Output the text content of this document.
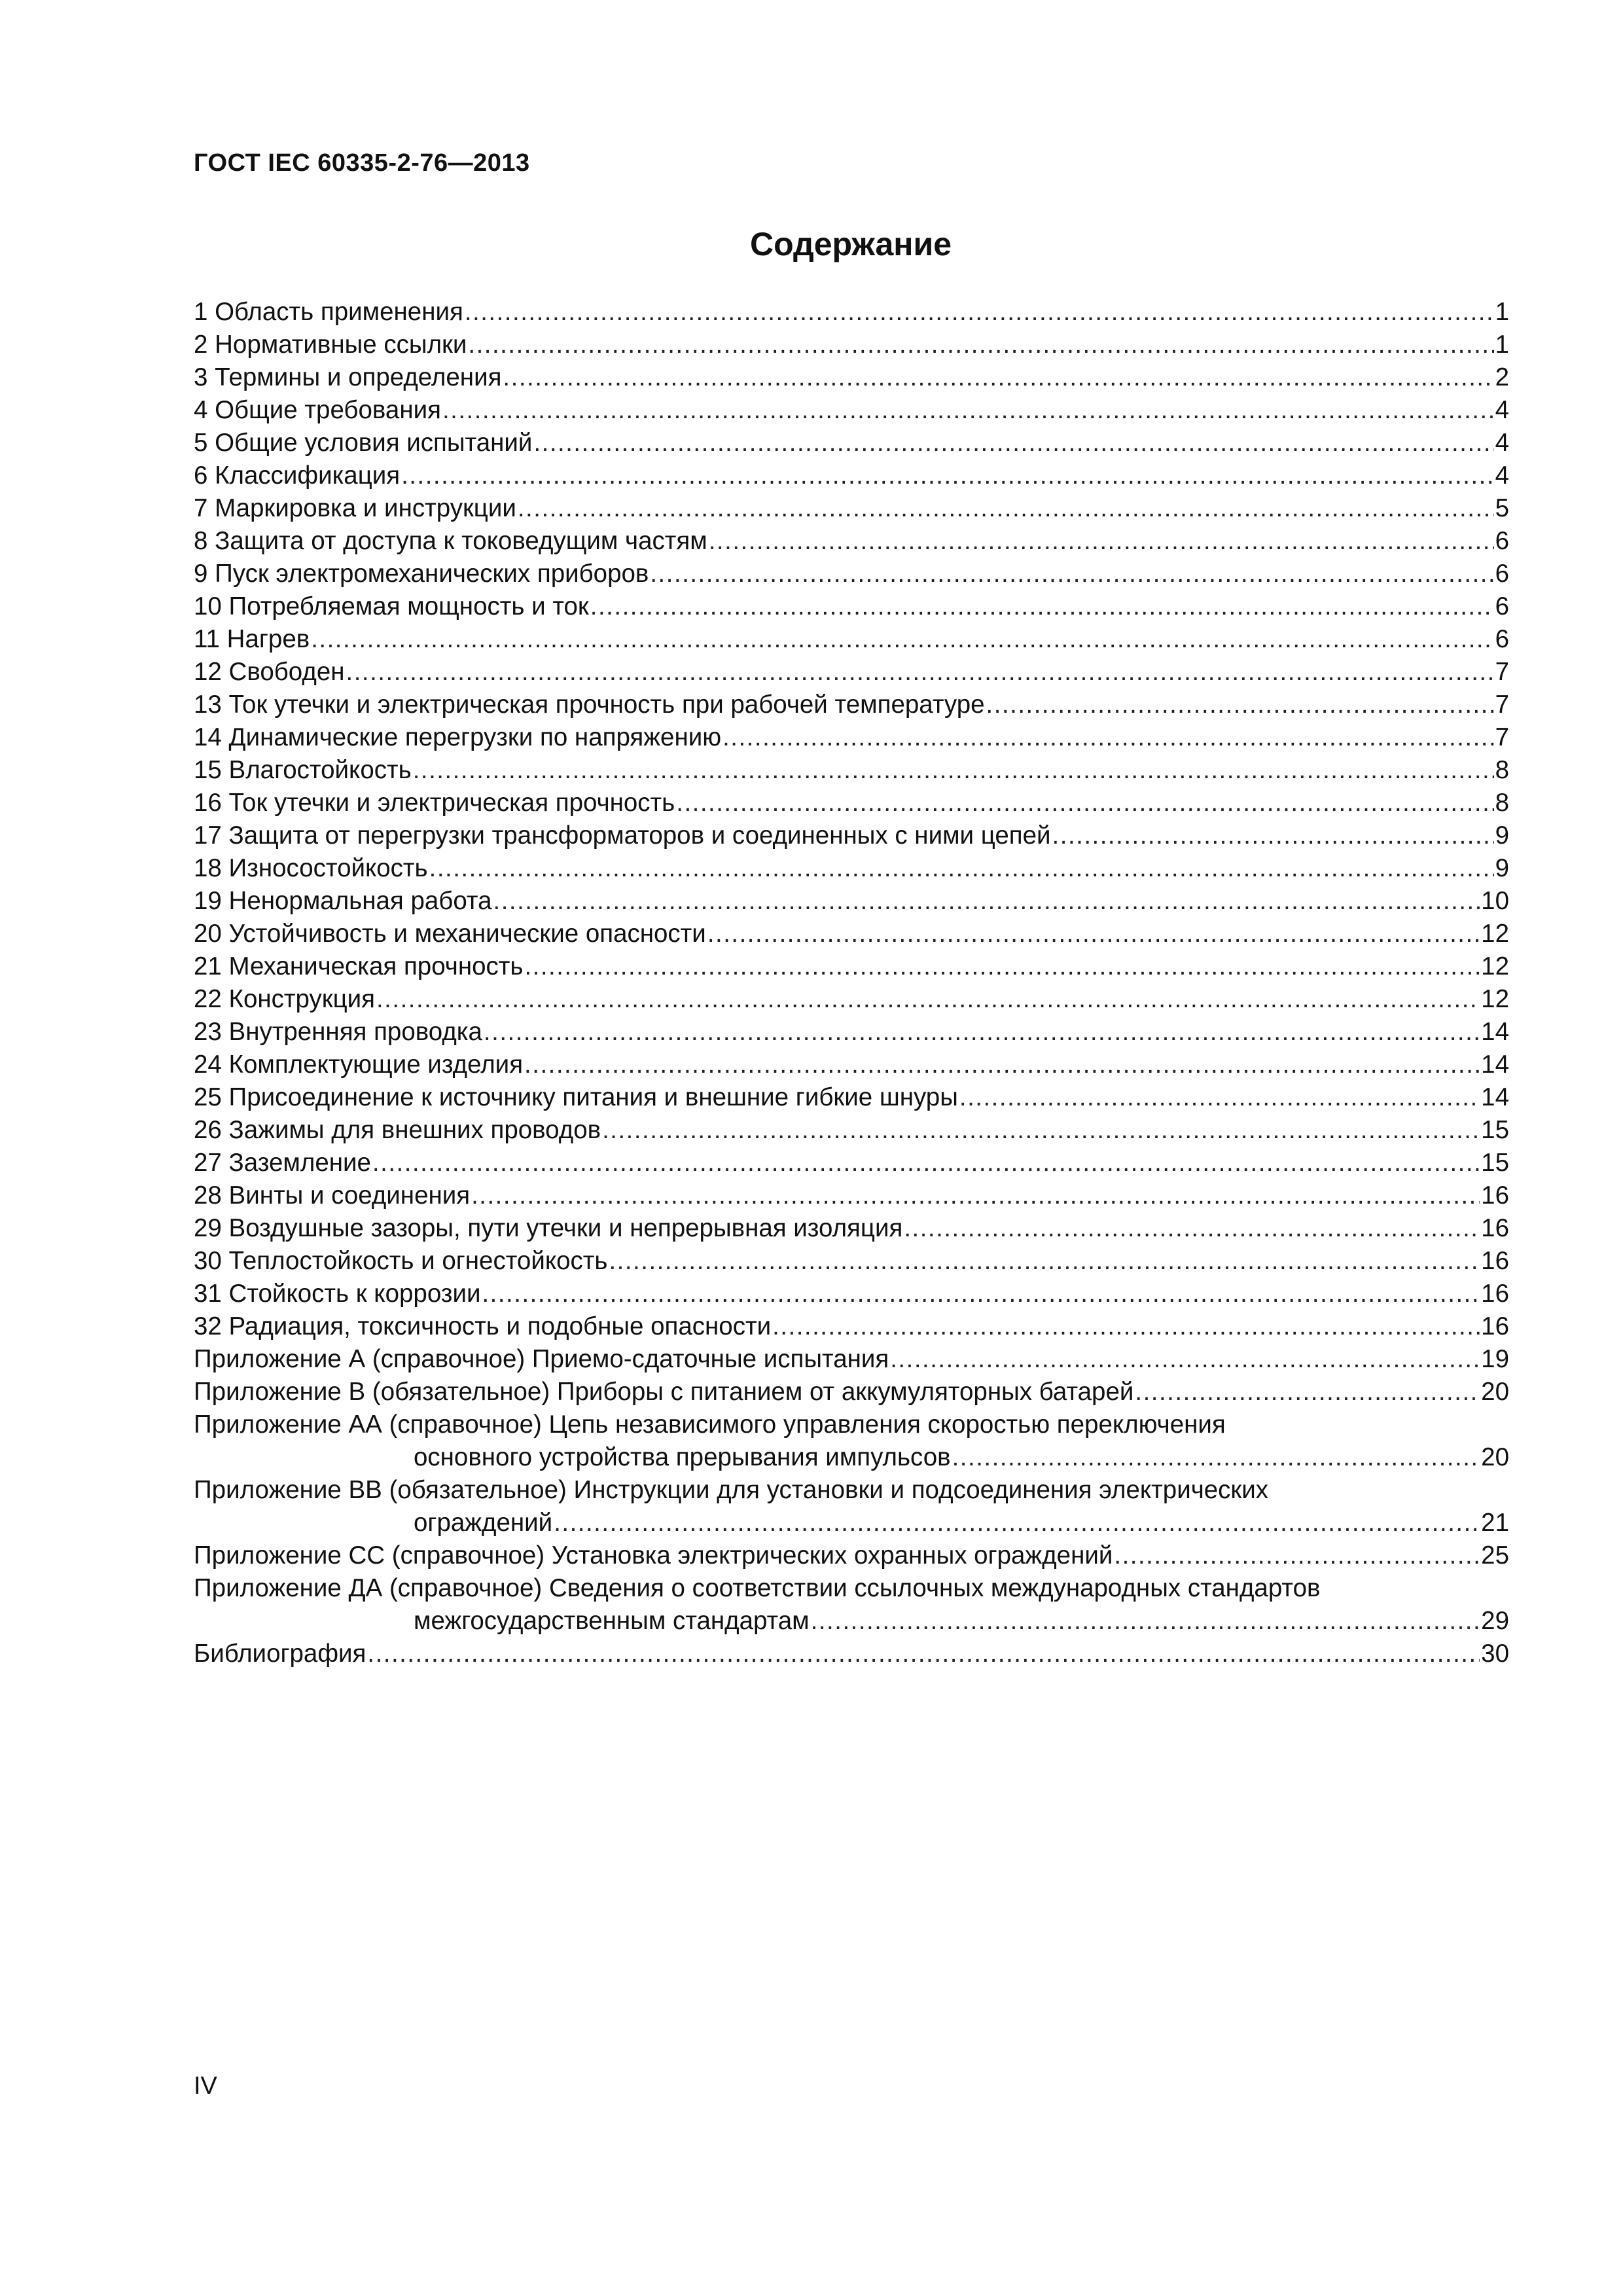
ГОСТ IEC 60335-2-76—2013
Содержание
1 Область применения .....	1
2 Нормативные ссылки .....	1
3 Термины и определения .....	2
4 Общие требования .....	4
5 Общие условия испытаний .....	4
6 Классификация .....	4
7 Маркировка и инструкции .....	5
8 Защита от доступа к токоведущим частям .....	6
9 Пуск электромеханических приборов .....	6
10 Потребляемая мощность и ток .....	6
11 Нагрев .....	6
12 Свободен .....	7
13 Ток утечки и электрическая прочность при рабочей температуре .....	7
14 Динамические перегрузки по напряжению .....	7
15 Влагостойкость .....	8
16 Ток утечки и электрическая прочность .....	8
17 Защита от перегрузки трансформаторов и соединенных с ними цепей .....	9
18 Износостойкость .....	9
19 Ненормальная работа .....	10
20 Устойчивость и механические опасности .....	12
21 Механическая прочность .....	12
22 Конструкция .....	12
23 Внутренняя проводка .....	14
24 Комплектующие изделия .....	14
25 Присоединение к источнику питания и внешние гибкие шнуры .....	14
26 Зажимы для внешних проводов .....	15
27 Заземление .....	15
28 Винты и соединения .....	16
29 Воздушные зазоры, пути утечки и непрерывная изоляция .....	16
30 Теплостойкость и огнестойкость .....	16
31 Стойкость к коррозии .....	16
32 Радиация, токсичность и подобные опасности .....	16
Приложение А (справочное) Приемо-сдаточные испытания .....	19
Приложение В (обязательное) Приборы с питанием от аккумуляторных батарей .....	20
Приложение АА (справочное) Цепь независимого управления скоростью переключения
основного устройства прерывания импульсов .....	20
Приложение ВВ (обязательное) Инструкции для установки и подсоединения электрических
ограждений .....	21
Приложение СС (справочное) Установка электрических охранных ограждений .....	25
Приложение ДА (справочное) Сведения о соответствии ссылочных международных стандартов
межгосударственным стандартам .....	29
Библиография .....	30
IV
